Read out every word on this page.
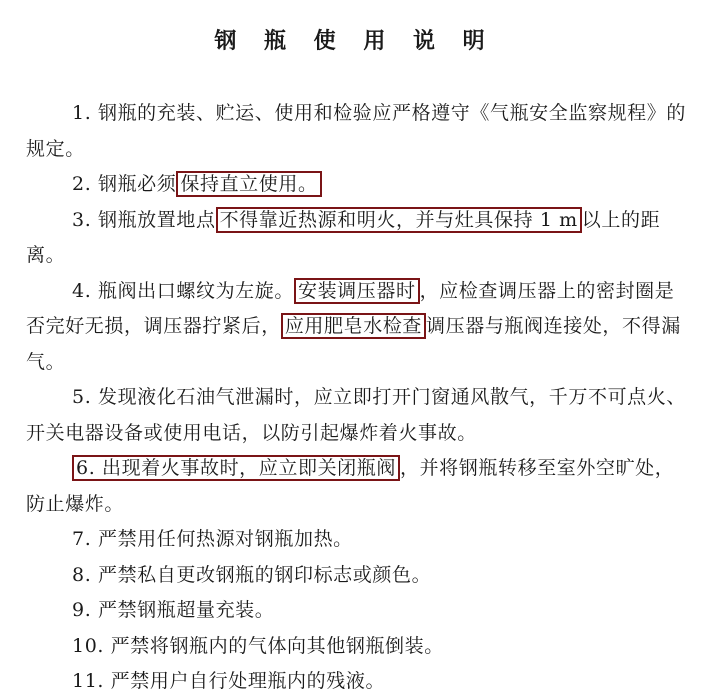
钢 瓶 使 用 说 明

1. 钢瓶的充装、贮运、使用和检验应严格遵守《气瓶安全监察规程》的规定。

2. 钢瓶必须 保持直立使用。

3. 钢瓶放置地点 不得靠近热源和明火，并与灶具保持 1 m 以上的距离。

4. 瓶阀出口螺纹为左旋。 安装调压器时 ，应检查调压器上的密封圈是否完好无损，调压器拧紧后， 应用肥皂水检查 调压器与瓶阀连接处，不得漏气。

5. 发现液化石油气泄漏时，应立即打开门窗通风散气，千万不可点火、开关电器设备或使用电话，以防引起爆炸着火事故。

6. 出现着火事故时，应立即关闭瓶阀 ，并将钢瓶转移至室外空旷处，防止爆炸。

7. 严禁用任何热源对钢瓶加热。

8. 严禁私自更改钢瓶的钢印标志或颜色。

9. 严禁钢瓶超量充装。

10. 严禁将钢瓶内的气体向其他钢瓶倒装。

11. 严禁用户自行处理瓶内的残液。
